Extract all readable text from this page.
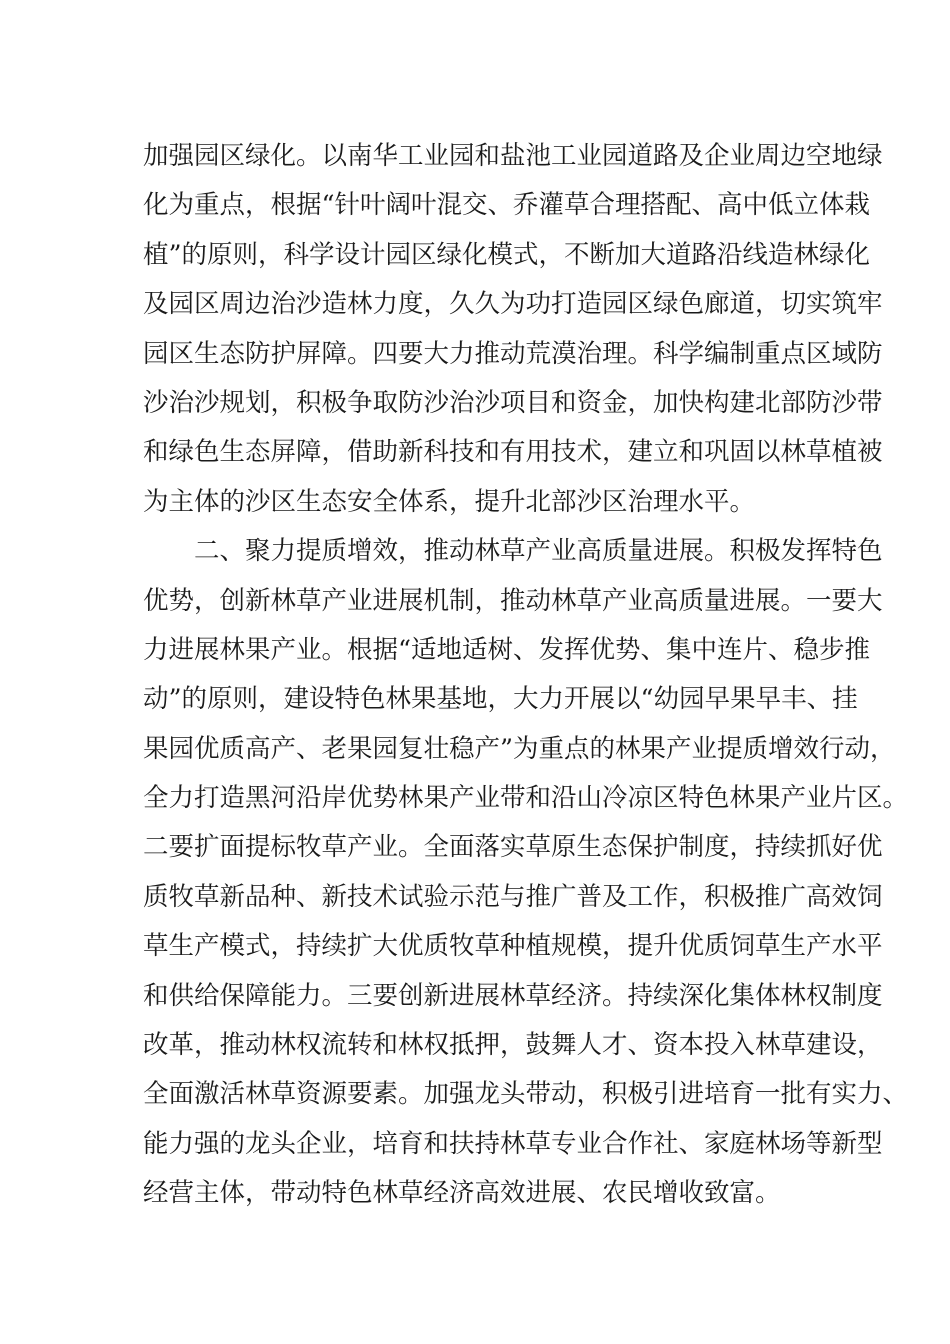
加强园区绿化。以南华工业园和盐池工业园道路及企业周边空地绿
化为重点，根据“针叶阔叶混交、乔灌草合理搭配、高中低立体栽
植”的原则，科学设计园区绿化模式，不断加大道路沿线造林绿化
及园区周边治沙造林力度，久久为功打造园区绿色廊道，切实筑牢
园区生态防护屏障。四要大力推动荒漠治理。科学编制重点区域防
沙治沙规划，积极争取防沙治沙项目和资金，加快构建北部防沙带
和绿色生态屏障，借助新科技和有用技术，建立和巩固以林草植被
为主体的沙区生态安全体系，提升北部沙区治理水平。
　　二、聚力提质增效，推动林草产业高质量进展。积极发挥特色
优势，创新林草产业进展机制，推动林草产业高质量进展。一要大
力进展林果产业。根据“适地适树、发挥优势、集中连片、稳步推
动”的原则，建设特色林果基地，大力开展以“幼园早果早丰、挂
果园优质高产、老果园复壮稳产”为重点的林果产业提质增效行动，
全力打造黑河沿岸优势林果产业带和沿山冷凉区特色林果产业片区。
二要扩面提标牧草产业。全面落实草原生态保护制度，持续抓好优
质牧草新品种、新技术试验示范与推广普及工作，积极推广高效饲
草生产模式，持续扩大优质牧草种植规模，提升优质饲草生产水平
和供给保障能力。三要创新进展林草经济。持续深化集体林权制度
改革，推动林权流转和林权抵押，鼓舞人才、资本投入林草建设，
全面激活林草资源要素。加强龙头带动，积极引进培育一批有实力、
能力强的龙头企业，培育和扶持林草专业合作社、家庭林场等新型
经营主体，带动特色林草经济高效进展、农民增收致富。
